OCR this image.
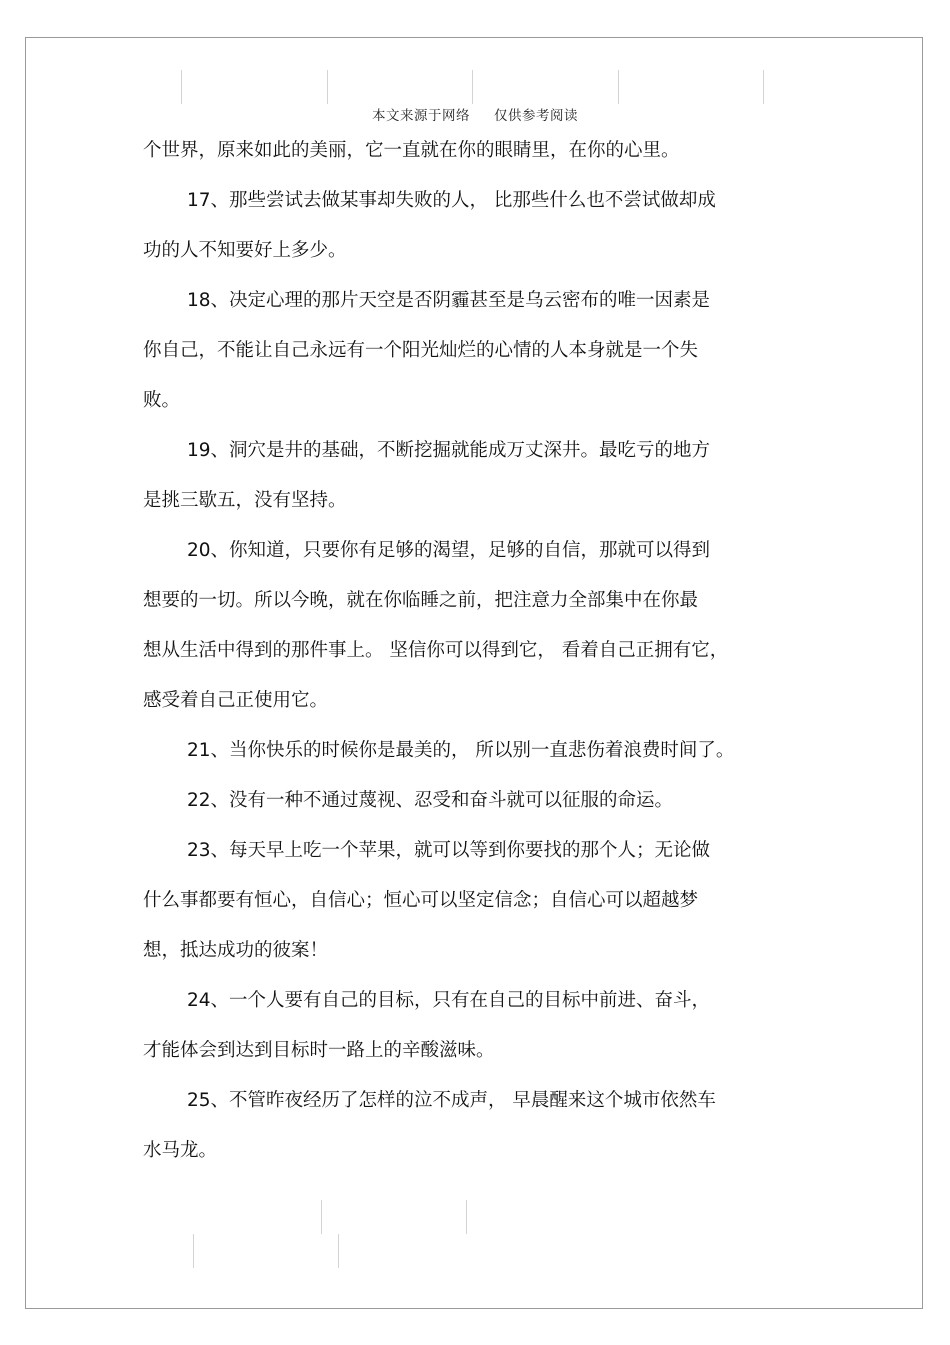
本文来源于网络 仅供参考阅读
个世界，原来如此的美丽，它一直就在你的眼睛里，在你的心里。
17、那些尝试去做某事却失败的人， 比那些什么也不尝试做却成
功的人不知要好上多少。
18、决定心理的那片天空是否阴霾甚至是乌云密布的唯一因素是
你自己，不能让自己永远有一个阳光灿烂的心情的人本身就是一个失
败。
19、洞穴是井的基础，不断挖掘就能成万丈深井。最吃亏的地方
是挑三歇五，没有坚持。
20、你知道，只要你有足够的渴望，足够的自信，那就可以得到
想要的一切。所以今晚，就在你临睡之前，把注意力全部集中在你最
想从生活中得到的那件事上。 坚信你可以得到它， 看着自己正拥有它，
感受着自己正使用它。
21、当你快乐的时候你是最美的， 所以别一直悲伤着浪费时间了。
22、没有一种不通过蔑视、忍受和奋斗就可以征服的命运。
23、每天早上吃一个苹果，就可以等到你要找的那个人；无论做
什么事都要有恒心，自信心；恒心可以坚定信念；自信心可以超越梦
想，抵达成功的彼案！
24、一个人要有自己的目标，只有在自己的目标中前进、奋斗，
才能体会到达到目标时一路上的辛酸滋味。
25、不管昨夜经历了怎样的泣不成声， 早晨醒来这个城市依然车
水马龙。
